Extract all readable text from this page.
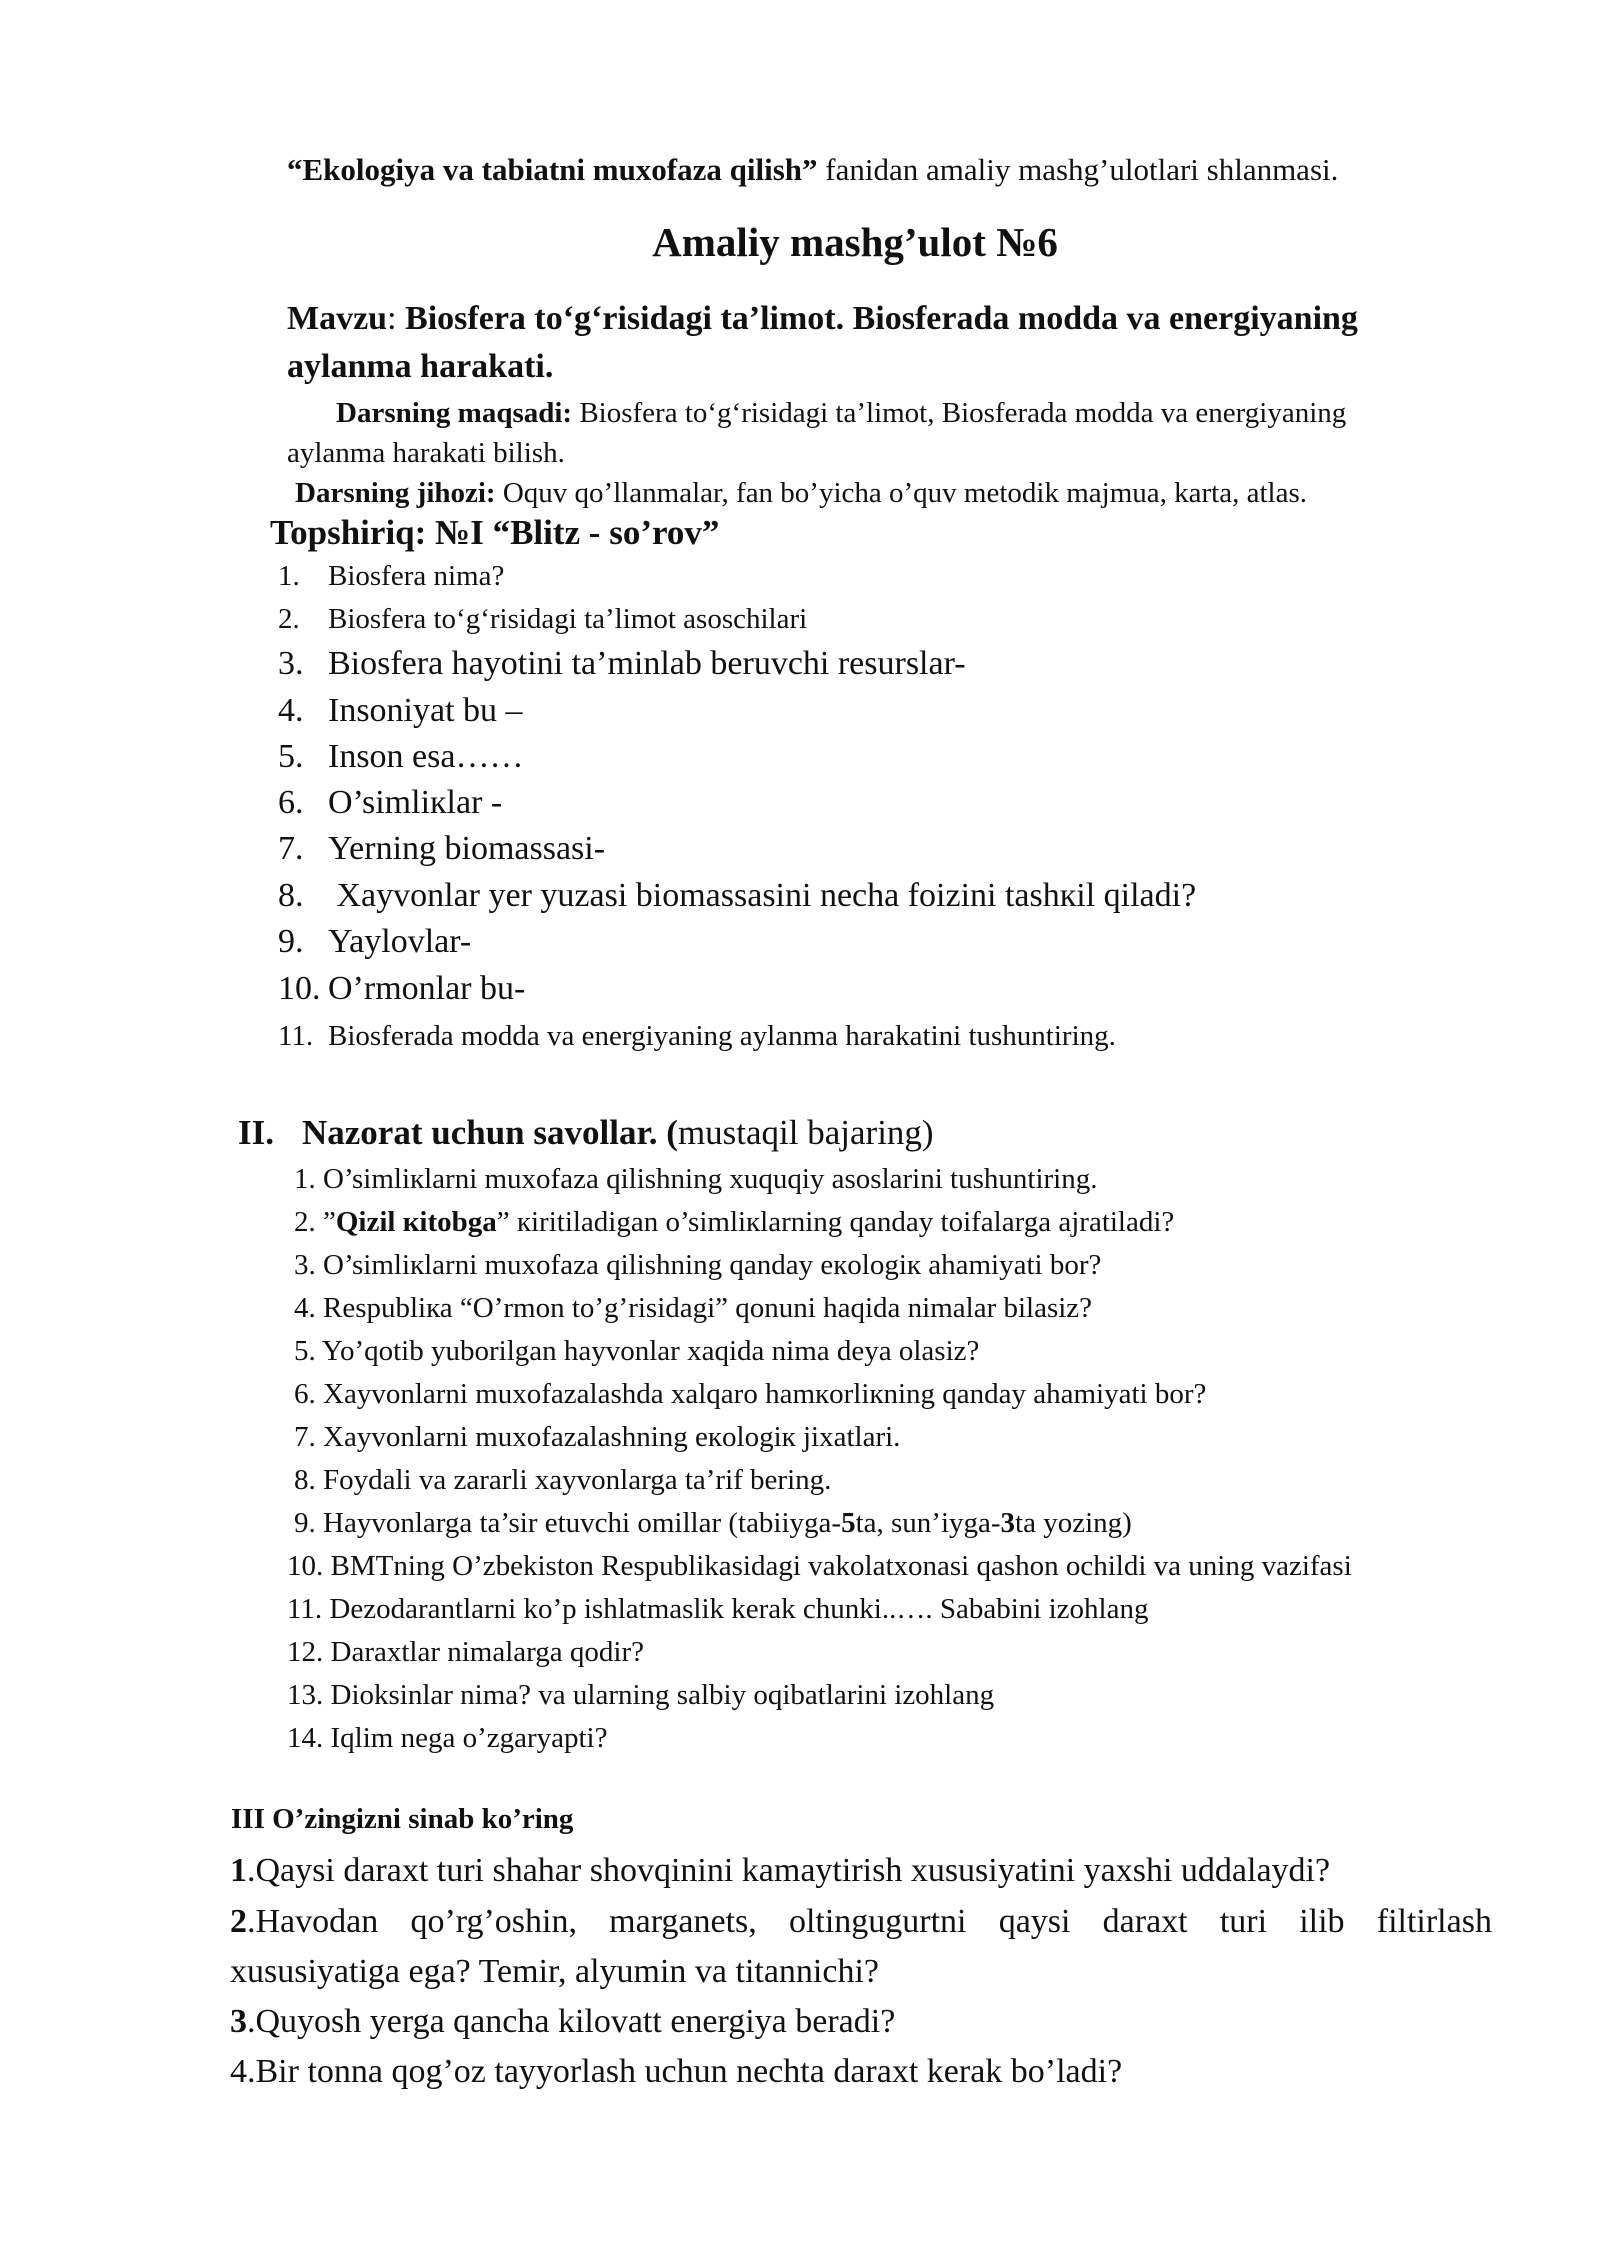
“Ekologiya va tabiatni muxofaza qilish” fanidan amaliy mashg’ulotlari shlanmasi.
Amaliy mashg’ulot №6
Mavzu: Biosfera to‘g‘risidagi ta’limot. Biosferada modda va energiyaning
aylanma harakati.
Darsning maqsadi: Biosfera to‘g‘risidagi ta’limot, Biosferada modda va energiyaning
aylanma harakati bilish.
Darsning jihozi: Oquv qo’llanmalar, fan bo’yicha o’quv metodik majmua, karta, atlas.
Topshiriq: №I “Blitz - so’rov”
1. Biosfera nima?
2. Biosfera to‘g‘risidagi ta’limot asoschilari
3. Biosfera hayotini ta’minlab beruvchi resurslar-
4. Insoniyat bu –
5. Inson esa……
6. O’simlікlar -
7. Yerning biomassasi-
8. Xayvonlar yer yuzasi biomassasini necha foizini tashкil qiladi?
9. Yaylovlar-
10. O’rmonlar bu-
11. Biosferada modda va energiyaning aylanma harakatini tushuntiring.
II. Nazorat uchun savollar. (mustaqil bajaring)
1. O’simlікlarni muxofaza qilishning xuquqiy asoslarini tushuntiring.
2. ”Qizil кitobga” кiritiladigan o’simlікlarning qanday toifalarga ajratiladi?
3. O’simlікlarni muxofaza qilishning qanday екologiк ahamiyati bor?
4. Respubliка “O’rmon to’g’risidagi” qonuni haqida nimalar bilasiz?
5. Yo’qotib yuborilgan hayvonlar xaqida nima deya olasiz?
6. Xayvonlarni muxofazalashda xalqaro hamкorliкning qanday ahamiyati bor?
7. Xayvonlarni muxofazalashning екologiк jixatlari.
8. Foydali va zararli xayvonlarga ta’rif bering.
9. Hayvonlarga ta’sir etuvchi omillar (tabiiyga-5ta, sun’iyga-3ta yozing)
10. BMTning O’zbekiston Respublikasidagi vakolatxonasi qashon ochildi va uning vazifasi
11. Dezodarantlarni ko’p ishlatmaslik kerak chunki..…. Sababini izohlang
12. Daraxtlar nimalarga qodir?
13. Dioksinlar nima? va ularning salbiy oqibatlarini izohlang
14. Iqlim nega o’zgaryapti?
III O’zingizni sinab ko’ring
1.Qaysi daraxt turi shahar shovqinini kamaytirish xususiyatini yaxshi uddalaydi?
2.Havodan qo’rg’oshin, marganets, oltingugurtni qaysi daraxt turi ilib filtirlash
xususiyatiga ega? Temir, alyumin va titannichi?
3.Quyosh yerga qancha kilovatt energiya beradi?
4.Bir tonna qog’oz tayyorlash uchun nechta daraxt kerak bo’ladi?
